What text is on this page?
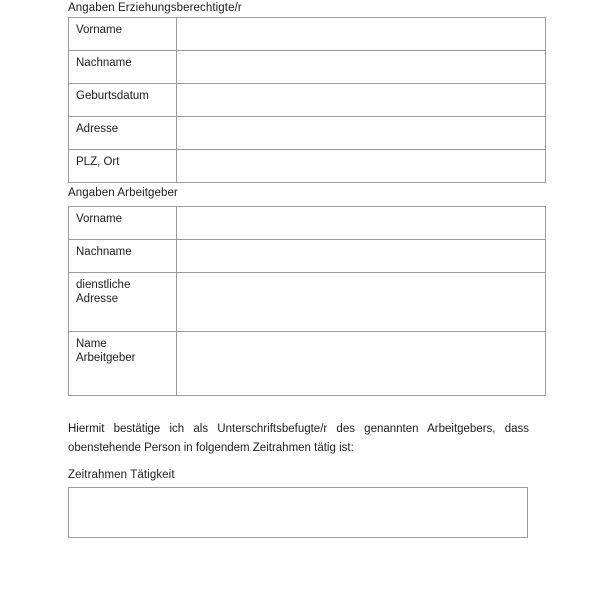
Angaben Erziehungsberechtigte/r
Vorname	
Nachname	
Geburtsdatum	
Adresse	
PLZ, Ort	
Angaben Arbeitgeber
Vorname	

Nachname	

dienstliche
Adresse	

Name
Arbeitgeber	

Hiermit bestätige ich als Unterschriftsbefugte/r des genannten Arbeitgebers, dass obenstehende Person in folgendem Zeitrahmen tätig ist:

Zeitrahmen Tätigkeit
